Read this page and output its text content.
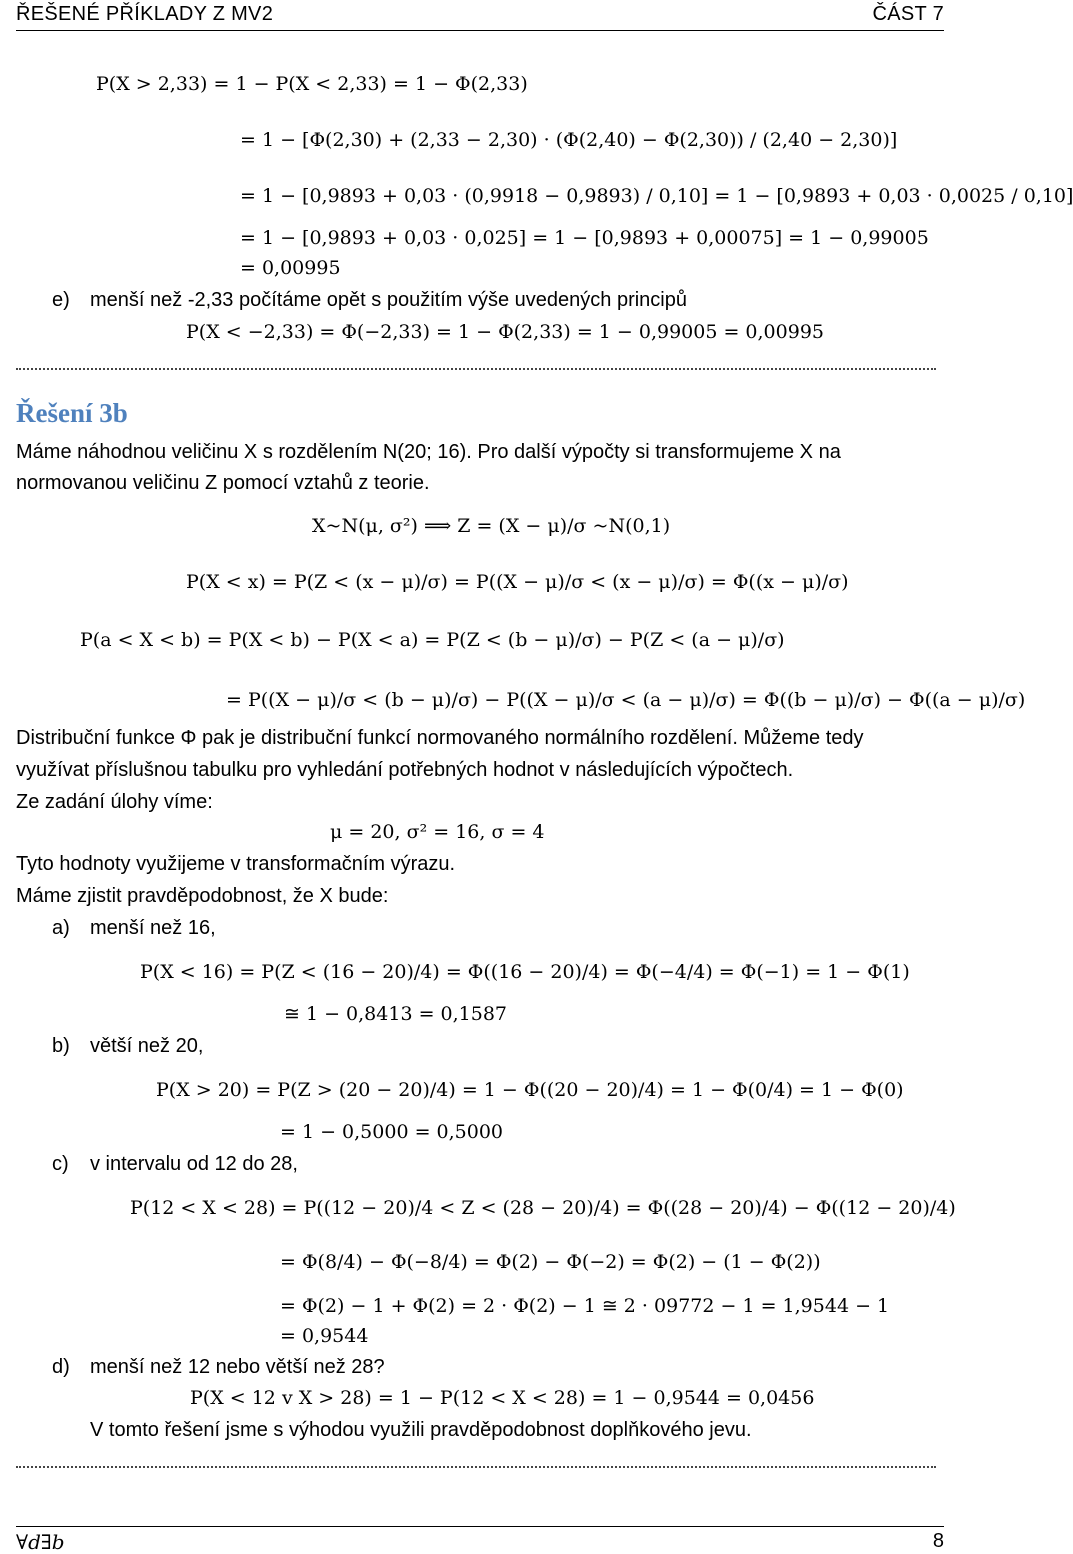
ŘEŠENÉ PŘÍKLADY Z MV2	ČÁST 7
P(X > 2,33) = 1 − P(X < 2,33) = 1 − Φ(2,33)
= 1 − [Φ(2,30) + (2,33 − 2,30) · (Φ(2,40) − Φ(2,30)) / (2,40 − 2,30)]
= 1 − [0,9893 + 0,03 · (0,9918 − 0,9893) / 0,10] = 1 − [0,9893 + 0,03 · 0,0025 / 0,10]
= 1 − [0,9893 + 0,03 · 0,025] = 1 − [0,9893 + 0,00075] = 1 − 0,99005
= 0,00995
e) menší než -2,33 počítáme opět s použitím výše uvedených principů
P(X < −2,33) = Φ(−2,33) = 1 − Φ(2,33) = 1 − 0,99005 = 0,00995
Řešení 3b
Máme náhodnou veličinu X s rozdělením N(20; 16). Pro další výpočty si transformujeme X na
normovanou veličinu Z pomocí vztahů z teorie.
X~N(μ, σ²) ⟹ Z = (X − μ)/σ ~N(0,1)
P(X < x) = P(Z < (x − μ)/σ) = P((X − μ)/σ < (x − μ)/σ) = Φ((x − μ)/σ)
P(a < X < b) = P(X < b) − P(X < a) = P(Z < (b − μ)/σ) − P(Z < (a − μ)/σ)
= P((X − μ)/σ < (b − μ)/σ) − P((X − μ)/σ < (a − μ)/σ) = Φ((b − μ)/σ) − Φ((a − μ)/σ)
Distribuční funkce Φ pak je distribuční funkcí normovaného normálního rozdělení. Můžeme tedy
využívat příslušnou tabulku pro vyhledání potřebných hodnot v následujících výpočtech.
Ze zadání úlohy víme:
μ = 20, σ² = 16, σ = 4
Tyto hodnoty využijeme v transformačním výrazu.
Máme zjistit pravděpodobnost, že X bude:
a) menší než 16,
P(X < 16) = P(Z < (16 − 20)/4) = Φ((16 − 20)/4) = Φ(−4/4) = Φ(−1) = 1 − Φ(1)
≅ 1 − 0,8413 = 0,1587
b) větší než 20,
P(X > 20) = P(Z > (20 − 20)/4) = 1 − Φ((20 − 20)/4) = 1 − Φ(0/4) = 1 − Φ(0)
= 1 − 0,5000 = 0,5000
c) v intervalu od 12 do 28,
P(12 < X < 28) = P((12 − 20)/4 < Z < (28 − 20)/4) = Φ((28 − 20)/4) − Φ((12 − 20)/4)
= Φ(8/4) − Φ(−8/4) = Φ(2) − Φ(−2) = Φ(2) − (1 − Φ(2))
= Φ(2) − 1 + Φ(2) = 2 · Φ(2) − 1 ≅ 2 · 09772 − 1 = 1,9544 − 1
= 0,9544
d) menší než 12 nebo větší než 28?
P(X < 12 v X > 28) = 1 − P(12 < X < 28) = 1 − 0,9544 = 0,0456
V tomto řešení jsme s výhodou využili pravděpodobnost doplňkového jevu.
∀d∃b	8
